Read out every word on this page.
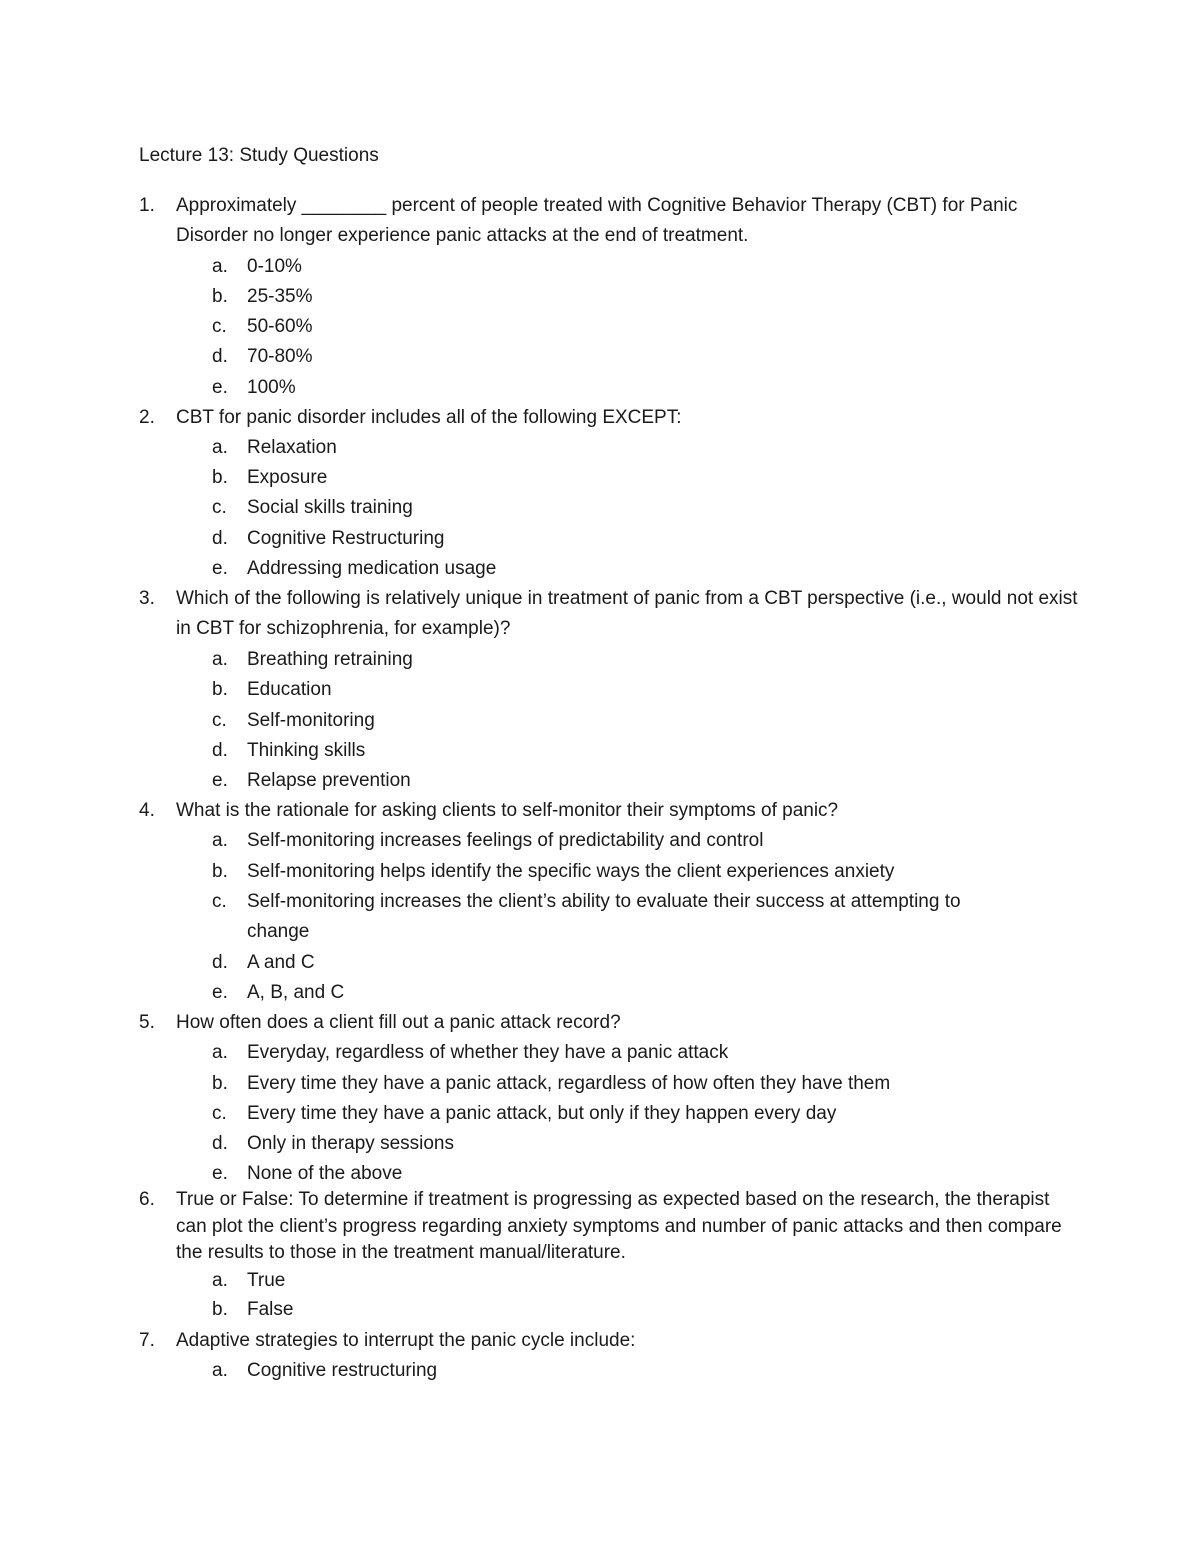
Lecture 13: Study Questions
1.	Approximately ________ percent of people treated with Cognitive Behavior Therapy (CBT) for Panic Disorder no longer experience panic attacks at the end of treatment.
a.	0-10%
b.	25-35%
c.	50-60%
d.	70-80%
e.	100%
2.	CBT for panic disorder includes all of the following EXCEPT:
a.	Relaxation
b.	Exposure
c.	Social skills training
d.	Cognitive Restructuring
e.	Addressing medication usage
3.	Which of the following is relatively unique in treatment of panic from a CBT perspective (i.e., would not exist in CBT for schizophrenia, for example)?
a.	Breathing retraining
b.	Education
c.	Self-monitoring
d.	Thinking skills
e.	Relapse prevention
4.	What is the rationale for asking clients to self-monitor their symptoms of panic?
a.	Self-monitoring increases feelings of predictability and control
b.	Self-monitoring helps identify the specific ways the client experiences anxiety
c.	Self-monitoring increases the client’s ability to evaluate their success at attempting to change
d.	A and C
e.	A, B, and C
5.	How often does a client fill out a panic attack record?
a.	Everyday, regardless of whether they have a panic attack
b.	Every time they have a panic attack, regardless of how often they have them
c.	Every time they have a panic attack, but only if they happen every day
d.	Only in therapy sessions
e.	None of the above
6.	True or False: To determine if treatment is progressing as expected based on the research, the therapist can plot the client’s progress regarding anxiety symptoms and number of panic attacks and then compare the results to those in the treatment manual/literature.
a.	True
b.	False
7.	Adaptive strategies to interrupt the panic cycle include:
a.	Cognitive restructuring
